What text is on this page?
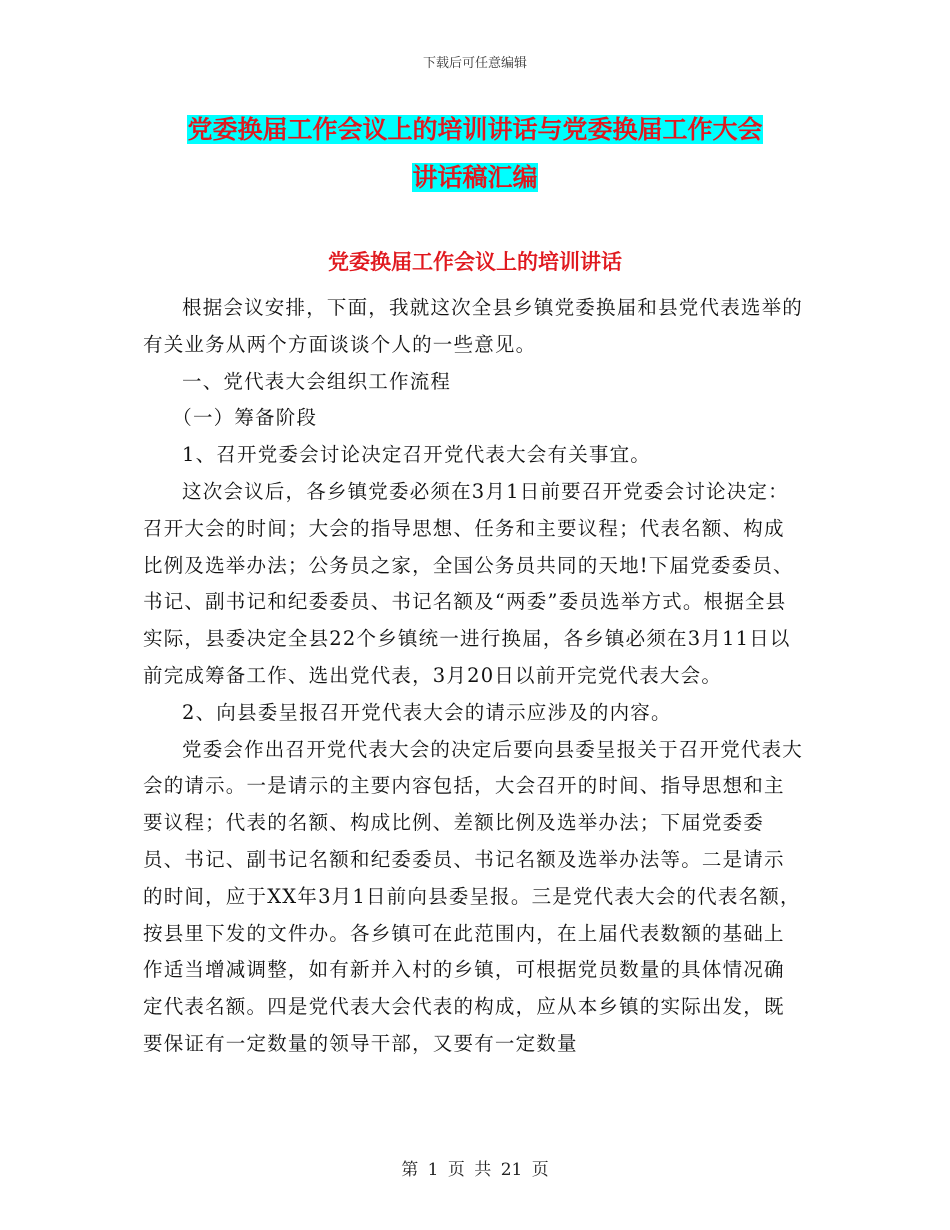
下载后可任意编辑
党委换届工作会议上的培训讲话与党委换届工作大会
讲话稿汇编
党委换届工作会议上的培训讲话

根据会议安排，下面，我就这次全县乡镇党委换届和县党代表选举的有关业务从两个方面谈谈个人的一些意见。

一、党代表大会组织工作流程

（一）筹备阶段

1、召开党委会讨论决定召开党代表大会有关事宜。

这次会议后，各乡镇党委必须在3月1日前要召开党委会讨论决定：召开大会的时间；大会的指导思想、任务和主要议程；代表名额、构成比例及选举办法；公务员之家，全国公务员共同的天地!下届党委委员、书记、副书记和纪委委员、书记名额及“两委”委员选举方式。根据全县实际，县委决定全县22个乡镇统一进行换届，各乡镇必须在3月11日以前完成筹备工作、选出党代表，3月20日以前开完党代表大会。

2、向县委呈报召开党代表大会的请示应涉及的内容。

党委会作出召开党代表大会的决定后要向县委呈报关于召开党代表大会的请示。一是请示的主要内容包括，大会召开的时间、指导思想和主要议程；代表的名额、构成比例、差额比例及选举办法；下届党委委员、书记、副书记名额和纪委委员、书记名额及选举办法等。二是请示的时间，应于XX年3月1日前向县委呈报。三是党代表大会的代表名额，按县里下发的文件办。各乡镇可在此范围内，在上届代表数额的基础上作适当增减调整，如有新并入村的乡镇，可根据党员数量的具体情况确定代表名额。四是党代表大会代表的构成，应从本乡镇的实际出发，既要保证有一定数量的领导干部，又要有一定数量

第 1 页 共 21 页
